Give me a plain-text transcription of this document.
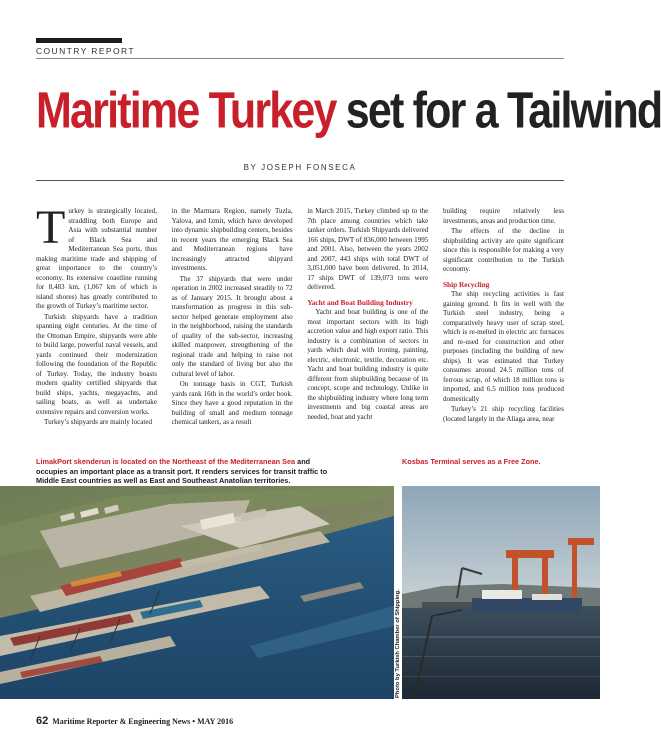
COUNTRY REPORT
Maritime Turkey set for a Tailwind
BY JOSEPH FONSECA

Turkey is strategically located, straddling both Europe and Asia with substantial number of Black Sea and Mediterranean Sea ports, thus making maritime trade and shipping of great importance to the country’s economy. Its extensive coastline running for 8,483 km, (1,067 km of which is island shores) has greatly contributed to the growth of Turkey’s maritime sector.

Turkish shipyards have a tradition spanning eight centuries. At the time of the Ottoman Empire, shipyards were able to build large, powerful naval vessels, and yards continued their modernization following the foundation of the Republic of Turkey. Today, the industry boasts modern quality certified shipyards that build ships, yachts, megayachts, and sailing boats, as well as undertake extensive repairs and conversion works.

Turkey’s shipyards are mainly located

in the Marmara Region, namely Tuzla, Yalova, and Izmit, which have developed into dynamic shipbuilding centers, besides in recent years the emerging Black Sea and Mediterranean regions have increasingly attracted shipyard investments.

The 37 shipyards that were under operation in 2002 increased steadily to 72 as of January 2015. It brought about a transformation as progress in this sub-sector helped generate employment also in the neighborhood, raising the standards of quality of the sub-sector, increasing skilled manpower, strengthening of the regional trade and helping to raise not only the standard of living but also the cultural level of labor.

On tonnage basis in CGT, Turkish yards rank 16th in the world’s order book. Since they have a good reputation in the building of small and medium tonnage chemical tankers, as a result

in March 2015, Turkey climbed up to the 7th place among countries which take tanker orders. Turkish Shipyards delivered 166 ships, DWT of 836,000 between 1995 and 2001. Also, between the years 2002 and 2007, 443 ships with total DWT of 3,051,000 have been delivered. In 2014, 17 ships DWT of 139,073 tons were delivered.

Yacht and Boat Building Industry

Yacht and boat building is one of the most important sectors with its high accretion value and high export ratio. This industry is a combination of sectors in yards which deal with ironing, painting, electric, electronic, textile, decoration etc. Yacht and boat building industry is quite different from shipbuilding because of its concept, scope and technology. Unlike in the shipbuilding industry where long term investments and big coastal areas are needed, boat and yacht

building require relatively less investments, areas and production time.

The effects of the decline in shipbuilding activity are quite significant since this is responsible for making a very significant contribution to the Turkish economy.

Ship Recycling

The ship recycling activities is fast gaining ground. It fits in well with the Turkish steel industry, being a comparatively heavy user of scrap steel, which is re-melted in electric arc furnaces and re-used for construction and other purposes (including the building of new ships). It was estimated that Turkey consumes around 24.5 million tons of ferrous scrap, of which 18 million tons is imported, and 6.5 million tons produced domestically

Turkey’s 21 ship recycling facilities (located largely in the Aliaga area, near

LimakPort skenderun is located on the Northeast of the Mediterranean Sea and occupies an important place as a transit port. It renders services for transit traffic to Middle East countries as well as East and Southeast Anatolian territories.
Kosbas Terminal serves as a Free Zone.
Photo by Turkish Chamber of Shipping.
62 Maritime Reporter & Engineering News • MAY 2016
